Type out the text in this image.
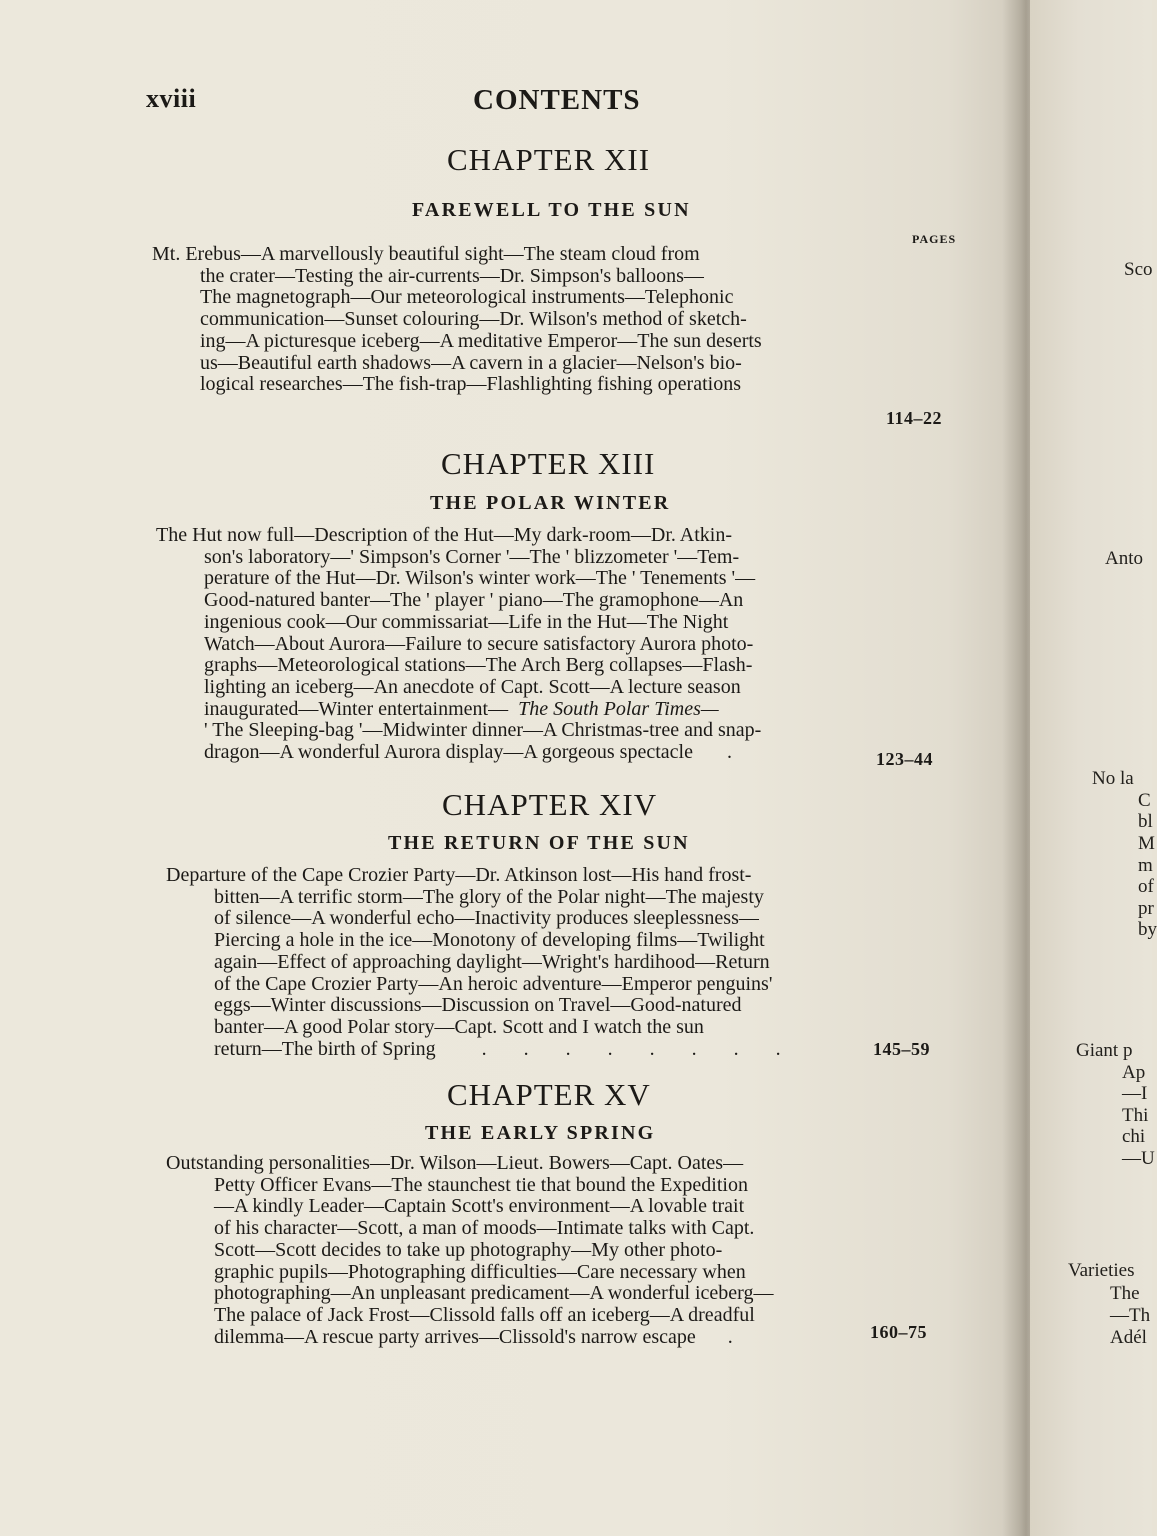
xviii	CONTENTS
CHAPTER XII
FAREWELL TO THE SUN
PAGES
Mt. Erebus—A marvellously beautiful sight—The steam cloud from
the crater—Testing the air-currents—Dr. Simpson's balloons—
The magnetograph—Our meteorological instruments—Telephonic
communication—Sunset colouring—Dr. Wilson's method of sketch-
ing—A picturesque iceberg—A meditative Emperor—The sun deserts
us—Beautiful earth shadows—A cavern in a glacier—Nelson's bio-
logical researches—The fish-trap—Flashlighting fishing operations
114–22
CHAPTER XIII
THE POLAR WINTER
The Hut now full—Description of the Hut—My dark-room—Dr. Atkin-
son's laboratory—' Simpson's Corner '—The ' blizzometer '—Tem-
perature of the Hut—Dr. Wilson's winter work—The ' Tenements '—
Good-natured banter—The ' player ' piano—The gramophone—An
ingenious cook—Our commissariat—Life in the Hut—The Night
Watch—About Aurora—Failure to secure satisfactory Aurora photo-
graphs—Meteorological stations—The Arch Berg collapses—Flash-
lighting an iceberg—An anecdote of Capt. Scott—A lecture season
inaugurated—Winter entertainment— The South Polar Times—
' The Sleeping-bag '—Midwinter dinner—A Christmas-tree and snap-
dragon—A wonderful Aurora display—A gorgeous spectacle .	123–44
CHAPTER XIV
THE RETURN OF THE SUN
Departure of the Cape Crozier Party—Dr. Atkinson lost—His hand frost-
bitten—A terrific storm—The glory of the Polar night—The majesty
of silence—A wonderful echo—Inactivity produces sleeplessness—
Piercing a hole in the ice—Monotony of developing films—Twilight
again—Effect of approaching daylight—Wright's hardihood—Return
of the Cape Crozier Party—An heroic adventure—Emperor penguins'
eggs—Winter discussions—Discussion on Travel—Good-natured
banter—A good Polar story—Capt. Scott and I watch the sun
return—The birth of Spring . . . . . . . .	145–59
CHAPTER XV
THE EARLY SPRING
Outstanding personalities—Dr. Wilson—Lieut. Bowers—Capt. Oates—
Petty Officer Evans—The staunchest tie that bound the Expedition
—A kindly Leader—Captain Scott's environment—A lovable trait
of his character—Scott, a man of moods—Intimate talks with Capt.
Scott—Scott decides to take up photography—My other photo-
graphic pupils—Photographing difficulties—Care necessary when
photographing—An unpleasant predicament—A wonderful iceberg—
The palace of Jack Frost—Clissold falls off an iceberg—A dreadful
dilemma—A rescue party arrives—Clissold's narrow escape .	160–75
Sco
Anto
No la
C
bl
M
m
of
pr
by
Giant p
Ap
—I
Thi
chi
—U
Varieties
The
—Th
Adél
